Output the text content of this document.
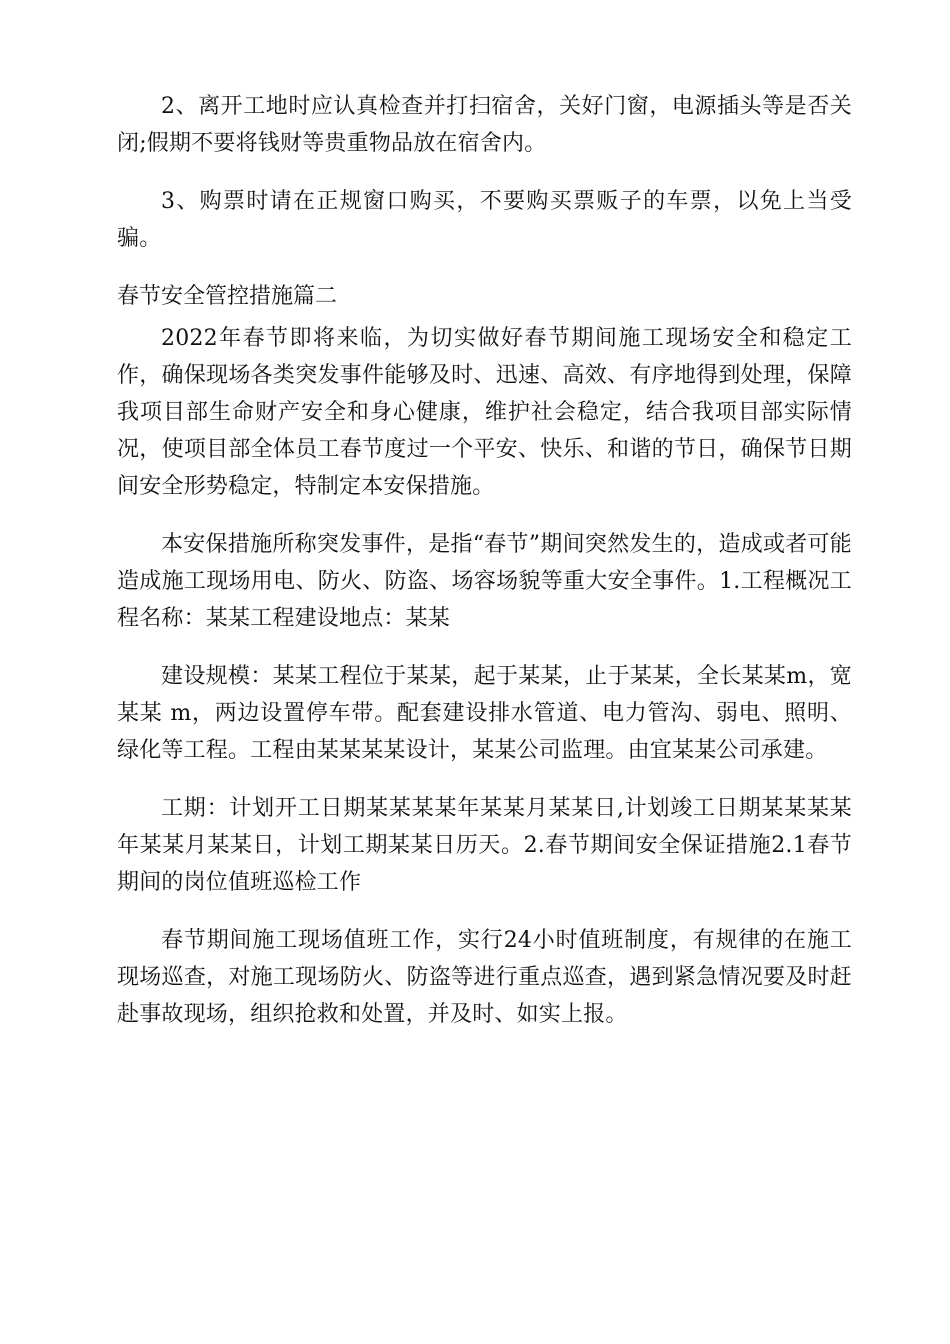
2、离开工地时应认真检查并打扫宿舍，关好门窗，电源插头等是否关闭;假期不要将钱财等贵重物品放在宿舍内。

3、购票时请在正规窗口购买，不要购买票贩子的车票，以免上当受骗。

春节安全管控措施篇二

2022年春节即将来临，为切实做好春节期间施工现场安全和稳定工作，确保现场各类突发事件能够及时、迅速、高效、有序地得到处理，保障我项目部生命财产安全和身心健康，维护社会稳定，结合我项目部实际情况，使项目部全体员工春节度过一个平安、快乐、和谐的节日，确保节日期间安全形势稳定，特制定本安保措施。

本安保措施所称突发事件，是指“春节”期间突然发生的，造成或者可能造成施工现场用电、防火、防盗、场容场貌等重大安全事件。1.工程概况工程名称：某某工程建设地点：某某

建设规模：某某工程位于某某，起于某某，止于某某，全长某某m，宽某某 m，两边设置停车带。配套建设排水管道、电力管沟、弱电、照明、绿化等工程。工程由某某某某设计，某某公司监理。由宜某某公司承建。

工期：计划开工日期某某某某年某某月某某日,计划竣工日期某某某某年某某月某某日，计划工期某某日历天。2.春节期间安全保证措施2.1春节期间的岗位值班巡检工作

春节期间施工现场值班工作，实行24小时值班制度，有规律的在施工现场巡查，对施工现场防火、防盗等进行重点巡查，遇到紧急情况要及时赶赴事故现场，组织抢救和处置，并及时、如实上报。
